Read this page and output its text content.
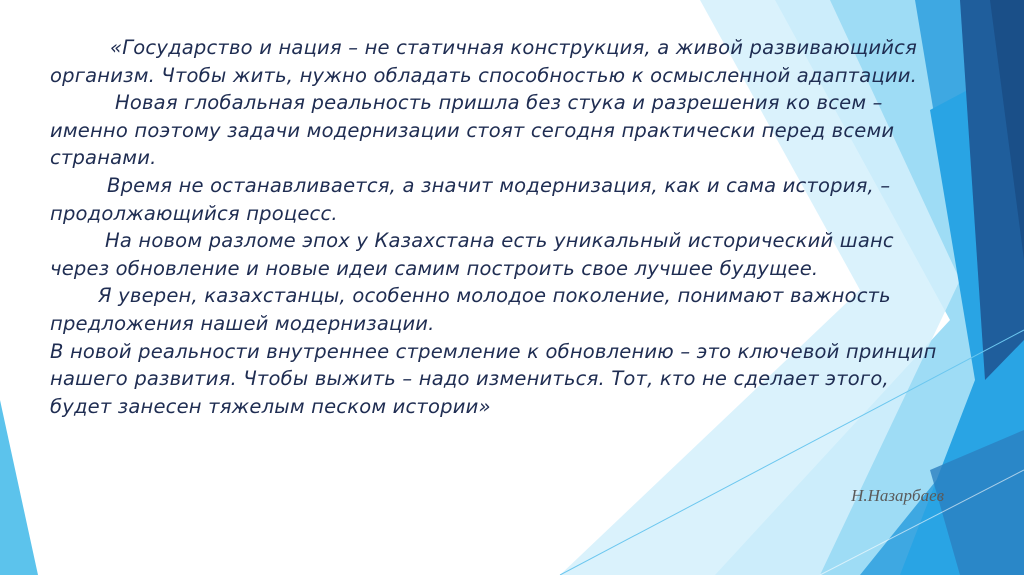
«Государство и нация – не статичная конструкция, а живой развивающийся организм. Чтобы жить, нужно обладать способностью к осмысленной адаптации.

Новая глобальная реальность пришла без стука и разрешения ко всем – именно поэтому задачи модернизации стоят сегодня практически перед всеми странами.

Время не останавливается, а значит модернизация, как и сама история, – продолжающийся процесс.

На новом разломе эпох у Казахстана есть уникальный исторический шанс через обновление и новые идеи самим построить свое лучшее будущее.

Я уверен, казахстанцы, особенно молодое поколение, понимают важность предложения нашей модернизации.

В новой реальности внутреннее стремление к обновлению – это ключевой принцип нашего развития. Чтобы выжить – надо измениться. Тот, кто не сделает этого, будет занесен тяжелым песком истории»

Н.Назарбаев
